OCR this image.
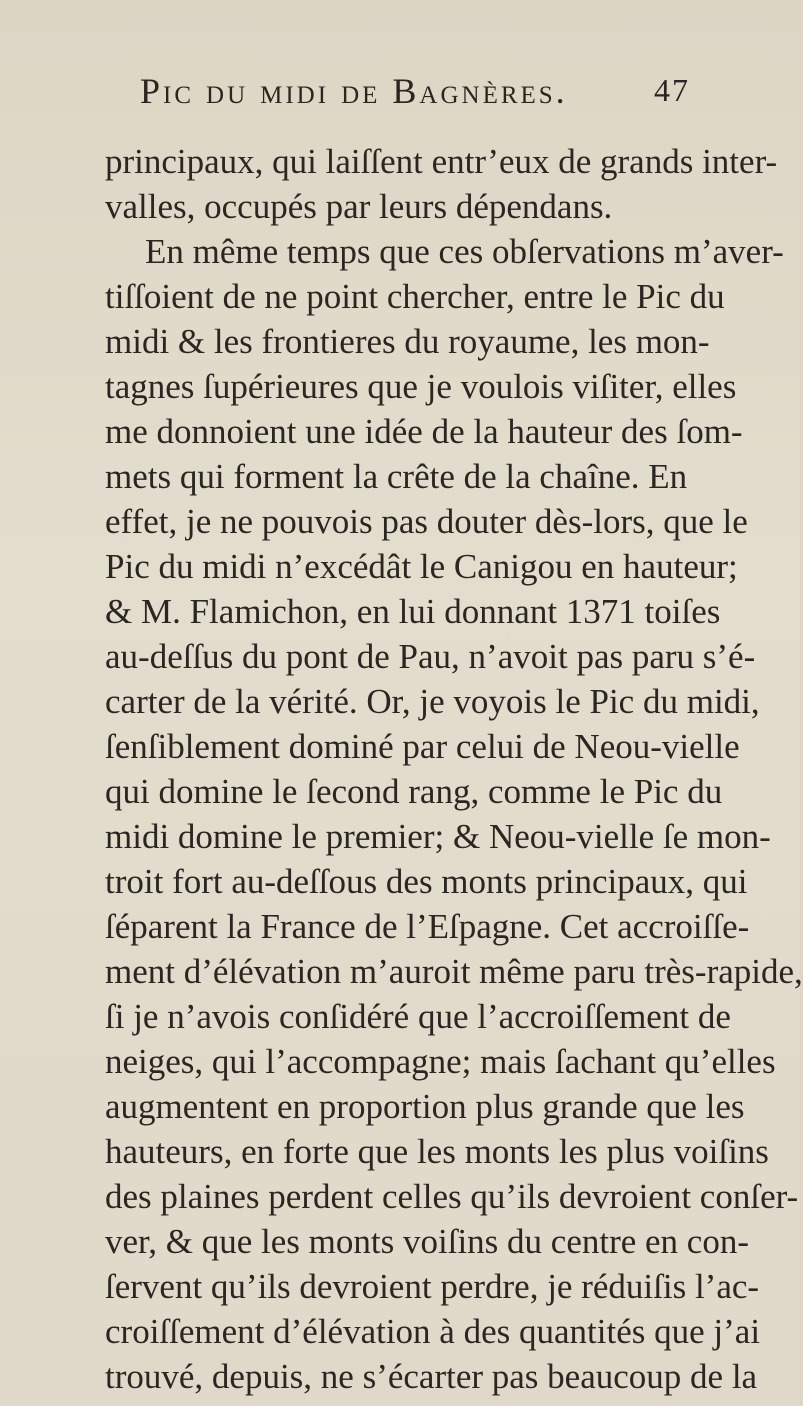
Pic du midi de Bagnères.	47
principaux, qui laiſſent entr’eux de grands inter-
valles, occupés par leurs dépendans.
En même temps que ces obſervations m’aver-
tiſſoient de ne point chercher, entre le Pic du
midi & les frontieres du royaume, les mon-
tagnes ſupérieures que je voulois viſiter, elles
me donnoient une idée de la hauteur des ſom-
mets qui forment la crête de la chaîne. En
effet, je ne pouvois pas douter dès-lors, que le
Pic du midi n’excédât le Canigou en hauteur;
& M. Flamichon, en lui donnant 1371 toiſes
au-deſſus du pont de Pau, n’avoit pas paru s’é-
carter de la vérité. Or, je voyois le Pic du midi,
ſenſiblement dominé par celui de Neou-vielle
qui domine le ſecond rang, comme le Pic du
midi domine le premier; & Neou-vielle ſe mon-
troit fort au-deſſous des monts principaux, qui
ſéparent la France de l’Eſpagne. Cet accroiſſe-
ment d’élévation m’auroit même paru très-rapide,
ſi je n’avois conſidéré que l’accroiſſement de
neiges, qui l’accompagne; mais ſachant qu’elles
augmentent en proportion plus grande que les
hauteurs, en forte que les monts les plus voiſins
des plaines perdent celles qu’ils devroient conſer-
ver, & que les monts voiſins du centre en con-
ſervent qu’ils devroient perdre, je réduiſis l’ac-
croiſſement d’élévation à des quantités que j’ai
trouvé, depuis, ne s’écarter pas beaucoup de la
